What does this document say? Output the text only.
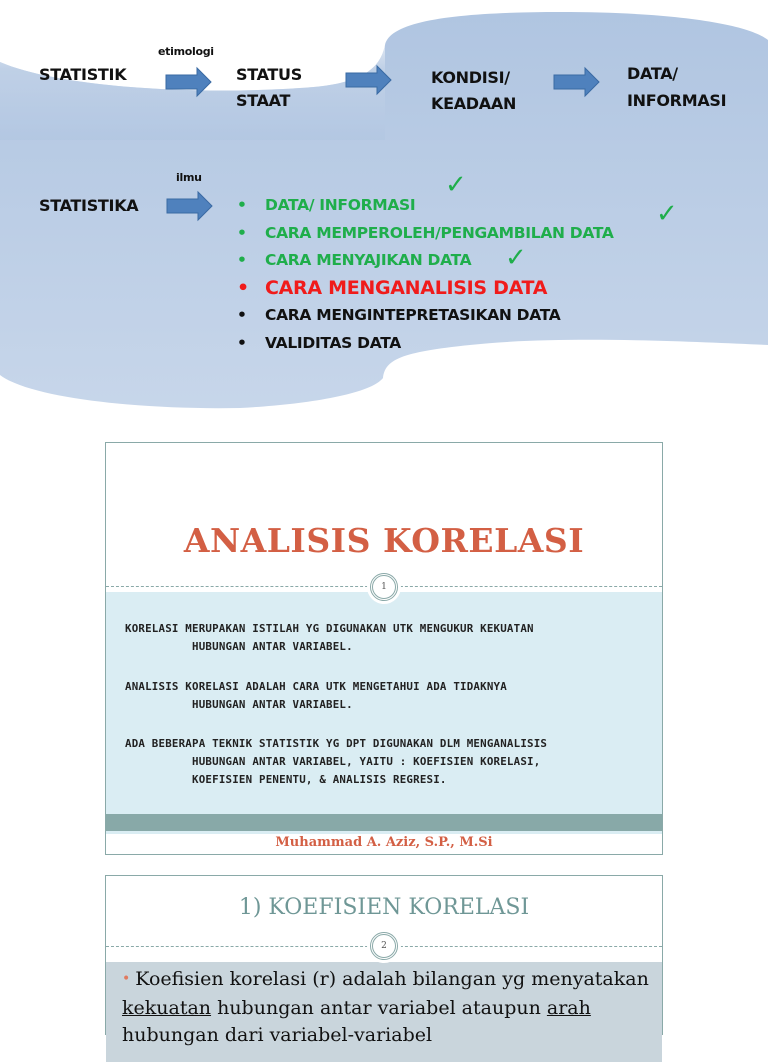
STATISTIK
etimologi
STATUS
STAAT
KONDISI/
KEADAAN
DATA/
INFORMASI
STATISTIKA
ilmu
• DATA/ INFORMASI
• CARA MEMPEROLEH/PENGAMBILAN DATA
• CARA MENYAJIKAN DATA
• CARA MENGANALISIS DATA
• CARA MENGINTEPRETASIKAN DATA
• VALIDITAS DATA
✓
✓
✓
ANALISIS KORELASI
1
KORELASI MERUPAKAN ISTILAH YG DIGUNAKAN UTK MENGUKUR KEKUATAN
HUBUNGAN ANTAR VARIABEL.
ANALISIS KORELASI ADALAH CARA UTK MENGETAHUI ADA TIDAKNYA
HUBUNGAN ANTAR VARIABEL.
ADA BEBERAPA TEKNIK STATISTIK YG DPT DIGUNAKAN DLM MENGANALISIS
HUBUNGAN ANTAR VARIABEL, YAITU : KOEFISIEN KORELASI,
KOEFISIEN PENENTU, & ANALISIS REGRESI.
Muhammad A. Aziz, S.P., M.Si
1) KOEFISIEN KORELASI
2
• Koefisien korelasi (r) adalah bilangan yg menyatakan kekuatan hubungan antar variabel ataupun arah hubungan dari variabel-variabel
